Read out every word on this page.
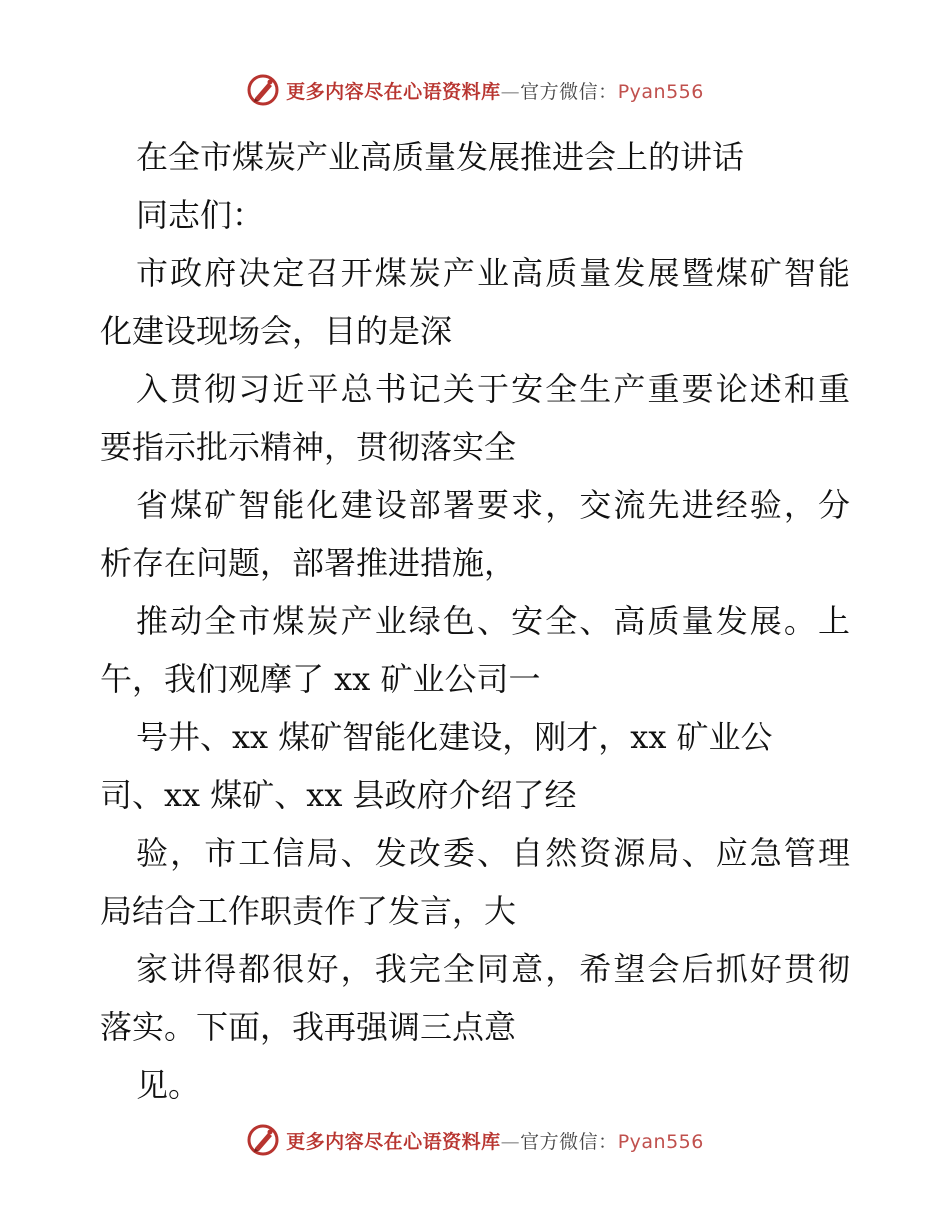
更多内容尽在心语资料库—官方微信：Pyan556
在全市煤炭产业高质量发展推进会上的讲话
同志们：
市政府决定召开煤炭产业高质量发展暨煤矿智能
化建设现场会，目的是深
入贯彻习近平总书记关于安全生产重要论述和重
要指示批示精神，贯彻落实全
省煤矿智能化建设部署要求，交流先进经验，分
析存在问题，部署推进措施，
推动全市煤炭产业绿色、安全、高质量发展。上
午，我们观摩了 xx 矿业公司一
号井、xx 煤矿智能化建设，刚才，xx 矿业公
司、xx 煤矿、xx 县政府介绍了经
验，市工信局、发改委、自然资源局、应急管理
局结合工作职责作了发言，大
家讲得都很好，我完全同意，希望会后抓好贯彻
落实。下面，我再强调三点意
见。
更多内容尽在心语资料库—官方微信：Pyan556
